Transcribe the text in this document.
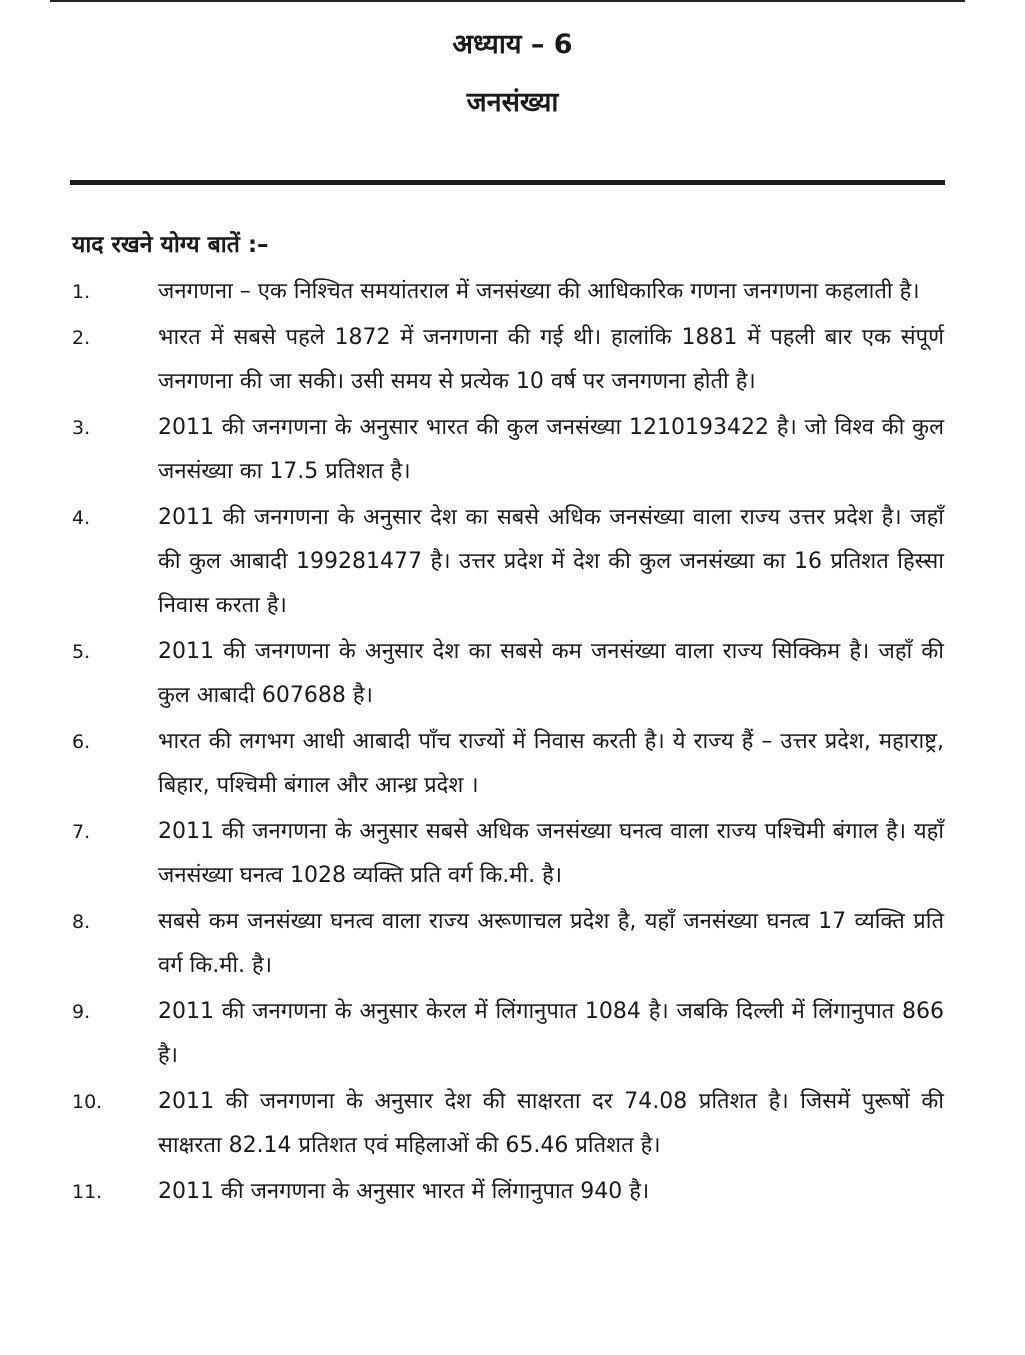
अध्याय – 6
जनसंख्या
याद रखने योग्य बातें :–
1.	जनगणना – एक निश्चित समयांतराल में जनसंख्या की आधिकारिक गणना जनगणना कहलाती है।
2.	भारत में सबसे पहले 1872 में जनगणना की गई थी। हालांकि 1881 में पहली बार एक संपूर्ण जनगणना की जा सकी। उसी समय से प्रत्येक 10 वर्ष पर जनगणना होती है।
3.	2011 की जनगणना के अनुसार भारत की कुल जनसंख्या 1210193422 है। जो विश्व की कुल जनसंख्या का 17.5 प्रतिशत है।
4.	2011 की जनगणना के अनुसार देश का सबसे अधिक जनसंख्या वाला राज्य उत्तर प्रदेश है। जहाँ की कुल आबादी 199281477 है। उत्तर प्रदेश में देश की कुल जनसंख्या का 16 प्रतिशत हिस्सा निवास करता है।
5.	2011 की जनगणना के अनुसार देश का सबसे कम जनसंख्या वाला राज्य सिक्किम है। जहाँ की कुल आबादी 607688 है।
6.	भारत की लगभग आधी आबादी पाँच राज्यों में निवास करती है। ये राज्य हैं – उत्तर प्रदेश, महाराष्ट्र, बिहार, पश्चिमी बंगाल और आन्ध्र प्रदेश ।
7.	2011 की जनगणना के अनुसार सबसे अधिक जनसंख्या घनत्व वाला राज्य पश्चिमी बंगाल है। यहाँ जनसंख्या घनत्व 1028 व्यक्ति प्रति वर्ग कि.मी. है।
8.	सबसे कम जनसंख्या घनत्व वाला राज्य अरूणाचल प्रदेश है, यहाँ जनसंख्या घनत्व 17 व्यक्ति प्रति वर्ग कि.मी. है।
9.	2011 की जनगणना के अनुसार केरल में लिंगानुपात 1084 है। जबकि दिल्ली में लिंगानुपात 866 है।
10.	2011 की जनगणना के अनुसार देश की साक्षरता दर 74.08 प्रतिशत है। जिसमें पुरूषों की साक्षरता 82.14 प्रतिशत एवं महिलाओं की 65.46 प्रतिशत है।
11.	2011 की जनगणना के अनुसार भारत में लिंगानुपात 940 है।
